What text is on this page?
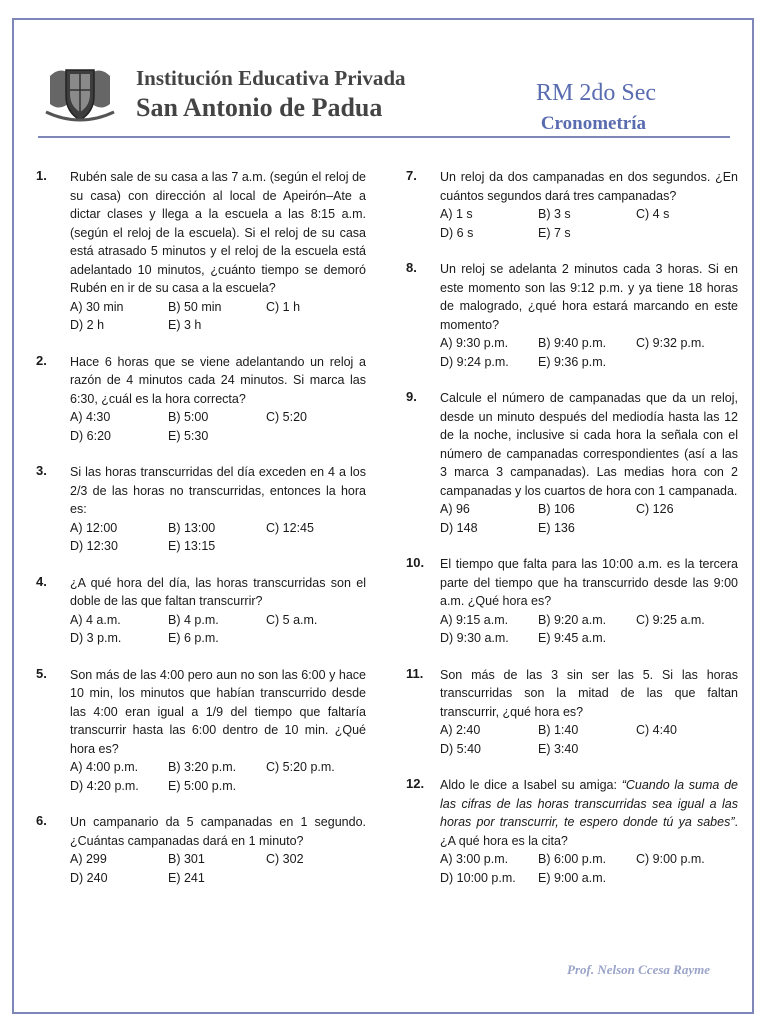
Institución Educativa Privada
San Antonio de Padua	RM 2do Sec
Cronometría
1.	Rubén sale de su casa a las 7 a.m. (según el reloj de su casa) con dirección al local de Apeirón–Ate a dictar clases y llega a la escuela a las 8:15 a.m. (según el reloj de la escuela). Si el reloj de su casa está atrasado 5 minutos y el reloj de la escuela está adelantado 10 minutos, ¿cuánto tiempo se demoró Rubén en ir de su casa a la escuela?
A) 30 min	B) 50 min	C) 1 h
D) 2 h	E) 3 h
2.	Hace 6 horas que se viene adelantando un reloj a razón de 4 minutos cada 24 minutos. Si marca las 6:30, ¿cuál es la hora correcta?
A) 4:30	B) 5:00	C) 5:20
D) 6:20	E) 5:30
3.	Si las horas transcurridas del día exceden en 4 a los 2/3 de las horas no transcurridas, entonces la hora es:
A) 12:00	B) 13:00	C) 12:45
D) 12:30	E) 13:15
4.	¿A qué hora del día, las horas transcurridas son el doble de las que faltan transcurrir?
A) 4 a.m.	B) 4 p.m.	C) 5 a.m.
D) 3 p.m.	E) 6 p.m.
5.	Son más de las 4:00 pero aun no son las 6:00 y hace 10 min, los minutos que habían transcurrido desde las 4:00 eran igual a 1/9 del tiempo que faltaría transcurrir hasta las 6:00 dentro de 10 min. ¿Qué hora es?
A) 4:00 p.m.	B) 3:20 p.m.	C) 5:20 p.m.
D) 4:20 p.m.	E) 5:00 p.m.
6.	Un campanario da 5 campanadas en 1 segundo. ¿Cuántas campanadas dará en 1 minuto?
A) 299	B) 301	C) 302
D) 240	E) 241
7.	Un reloj da dos campanadas en dos segundos. ¿En cuántos segundos dará tres campanadas?
A) 1 s	B) 3 s	C) 4 s
D) 6 s	E) 7 s
8.	Un reloj se adelanta 2 minutos cada 3 horas. Si en este momento son las 9:12 p.m. y ya tiene 18 horas de malogrado, ¿qué hora estará marcando en este momento?
A) 9:30 p.m.	B) 9:40 p.m.	C) 9:32 p.m.
D) 9:24 p.m.	E) 9:36 p.m.
9.	Calcule el número de campanadas que da un reloj, desde un minuto después del mediodía hasta las 12 de la noche, inclusive si cada hora la señala con el número de campanadas correspondientes (así a las 3 marca 3 campanadas). Las medias hora con 2 campanadas y los cuartos de hora con 1 campanada.
A) 96	B) 106	C) 126
D) 148	E) 136
10.	El tiempo que falta para las 10:00 a.m. es la tercera parte del tiempo que ha transcurrido desde las 9:00 a.m. ¿Qué hora es?
A) 9:15 a.m.	B) 9:20 a.m.	C) 9:25 a.m.
D) 9:30 a.m.	E) 9:45 a.m.
11.	Son más de las 3 sin ser las 5. Si las horas transcurridas son la mitad de las que faltan transcurrir, ¿qué hora es?
A) 2:40	B) 1:40	C) 4:40
D) 5:40	E) 3:40
12.	Aldo le dice a Isabel su amiga: “Cuando la suma de las cifras de las horas transcurridas sea igual a las horas por transcurrir, te espero donde tú ya sabes”. ¿A qué hora es la cita?
A) 3:00 p.m.	B) 6:00 p.m.	C) 9:00 p.m.
D) 10:00 p.m.	E) 9:00 a.m.
Prof. Nelson Ccesa Rayme
